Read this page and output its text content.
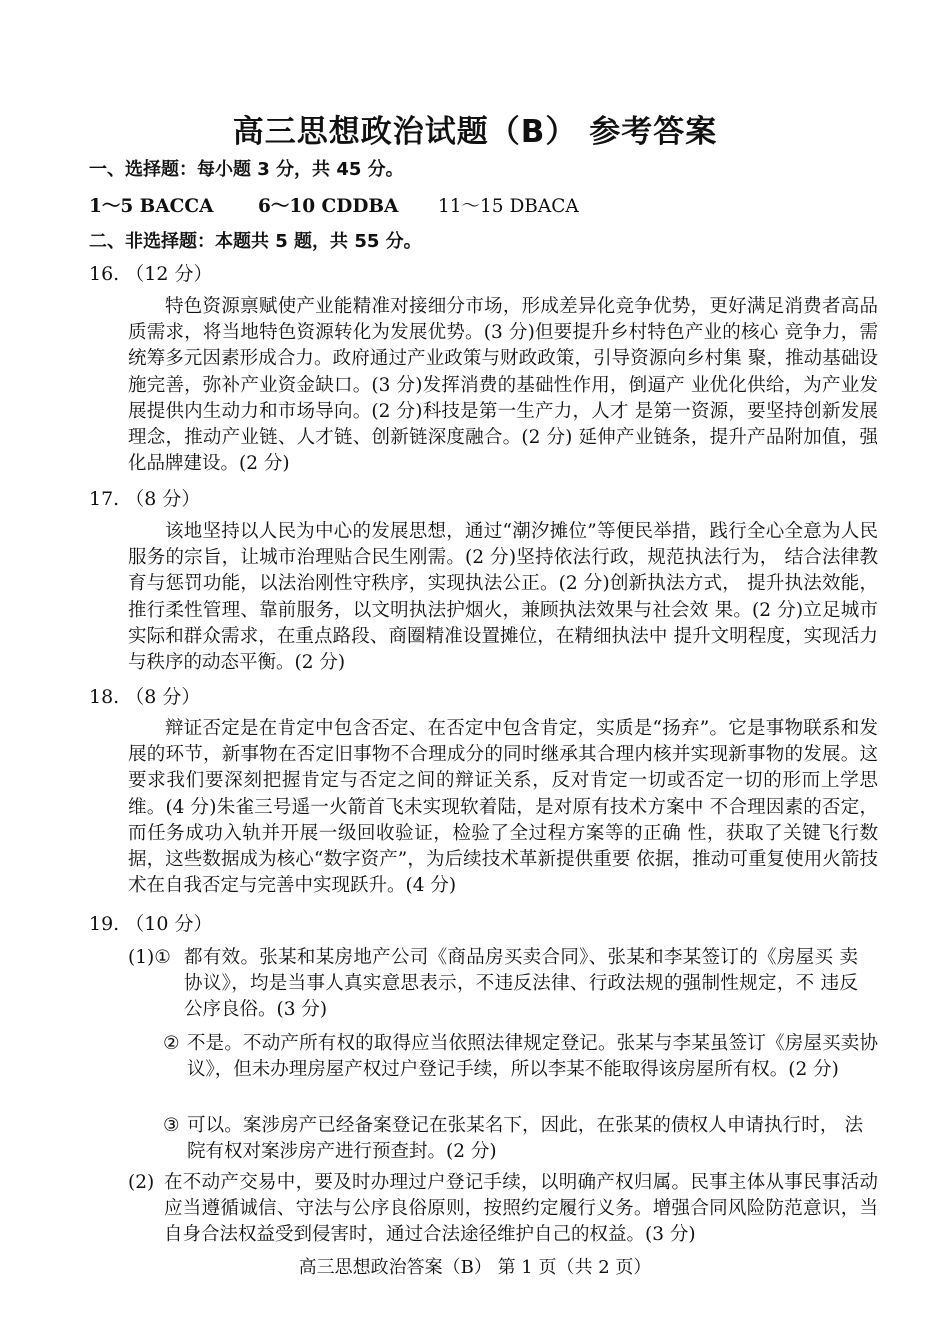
高三思想政治试题（B） 参考答案
一、选择题：每小题 3 分，共 45 分。
1～5 BACCA 6～10 CDDBA 11～15 DBACA
二、非选择题：本题共 5 题，共 55 分。
16. （12 分）
特色资源禀赋使产业能精准对接细分市场，形成差异化竞争优势，更好满足消费者高品质需求，将当地特色资源转化为发展优势。(3 分)但要提升乡村特色产业的核心 竞争力，需统筹多元因素形成合力。政府通过产业政策与财政政策，引导资源向乡村集 聚，推动基础设施完善，弥补产业资金缺口。(3 分)发挥消费的基础性作用，倒逼产 业优化供给，为产业发展提供内生动力和市场导向。(2 分)科技是第一生产力，人才 是第一资源，要坚持创新发展理念，推动产业链、人才链、创新链深度融合。(2 分) 延伸产业链条，提升产品附加值，强化品牌建设。(2 分)
17. （8 分）
该地坚持以人民为中心的发展思想，通过“潮汐摊位”等便民举措，践行全心全意为人民服务的宗旨，让城市治理贴合民生刚需。(2 分)坚持依法行政，规范执法行为， 结合法律教育与惩罚功能，以法治刚性守秩序，实现执法公正。(2 分)创新执法方式， 提升执法效能，推行柔性管理、靠前服务，以文明执法护烟火，兼顾执法效果与社会效 果。(2 分)立足城市实际和群众需求，在重点路段、商圈精准设置摊位，在精细执法中 提升文明程度，实现活力与秩序的动态平衡。(2 分)
18. （8 分）
辩证否定是在肯定中包含否定、在否定中包含肯定，实质是“扬弃”。它是事物联系和发展的环节，新事物在否定旧事物不合理成分的同时继承其合理内核并实现新事物的发展。这要求我们要深刻把握肯定与否定之间的辩证关系，反对肯定一切或否定一切的形而上学思维。(4 分)朱雀三号遥一火箭首飞未实现软着陆，是对原有技术方案中 不合理因素的否定，而任务成功入轨并开展一级回收验证，检验了全过程方案等的正确 性，获取了关键飞行数据，这些数据成为核心“数字资产”，为后续技术革新提供重要 依据，推动可重复使用火箭技术在自我否定与完善中实现跃升。(4 分)
19. （10 分）
(1)① 都有效。张某和某房地产公司《商品房买卖合同》、张某和李某签订的《房屋买 卖协议》，均是当事人真实意思表示，不违反法律、行政法规的强制性规定，不 违反公序良俗。(3 分)
② 不是。不动产所有权的取得应当依照法律规定登记。张某与李某虽签订《房屋买卖协议》，但未办理房屋产权过户登记手续，所以李某不能取得该房屋所有权。(2 分)
③ 可以。案涉房产已经备案登记在张某名下，因此，在张某的债权人申请执行时， 法院有权对案涉房产进行预查封。(2 分)
(2) 在不动产交易中，要及时办理过户登记手续，以明确产权归属。民事主体从事民事活动应当遵循诚信、守法与公序良俗原则，按照约定履行义务。增强合同风险防范意识，当自身合法权益受到侵害时，通过合法途径维护自己的权益。(3 分)
高三思想政治答案（B） 第 1 页（共 2 页）
